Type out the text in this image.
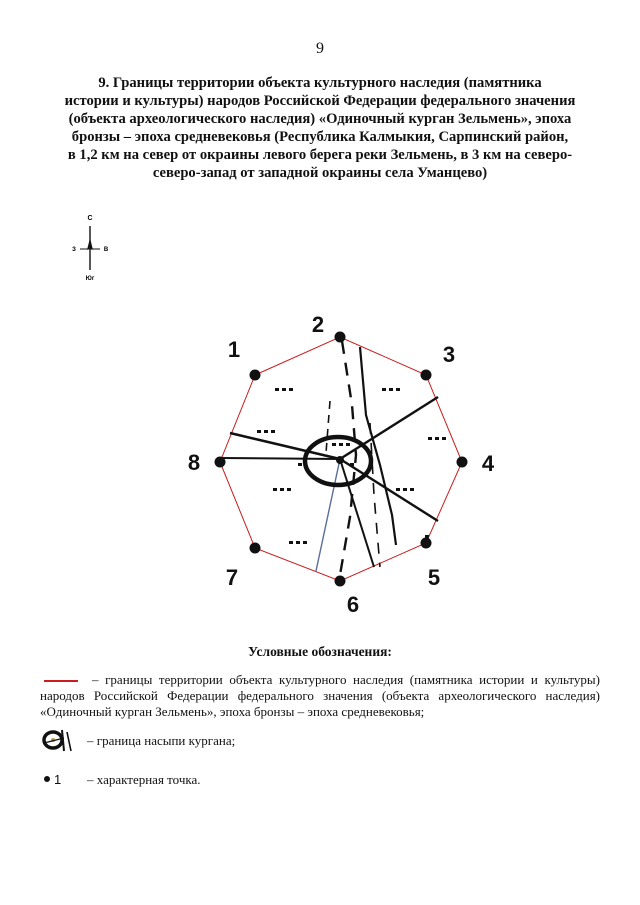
9
9. Границы территории объекта культурного наследия (памятника
истории и культуры) народов Российской Федерации федерального значения
(объекта археологического наследия) «Одиночный курган Зельмень», эпоха
бронзы – эпоха средневековья (Республика Калмыкия, Сарпинский район,
в 1,2 км на север от окраины левого берега реки Зельмень, в 3 км на северо-
северо-запад от западной окраины села Уманцево)
С
З	В
Юг
1
2
3
4
5
6
7
8
Условные обозначения:
– границы территории объекта культурного наследия (памятника истории и культуры) народов Российской Федерации федерального значения (объекта археологического наследия) «Одиночный курган Зельмень», эпоха бронзы – эпоха средневековья;
– граница насыпи кургана;
1 – характерная точка.
